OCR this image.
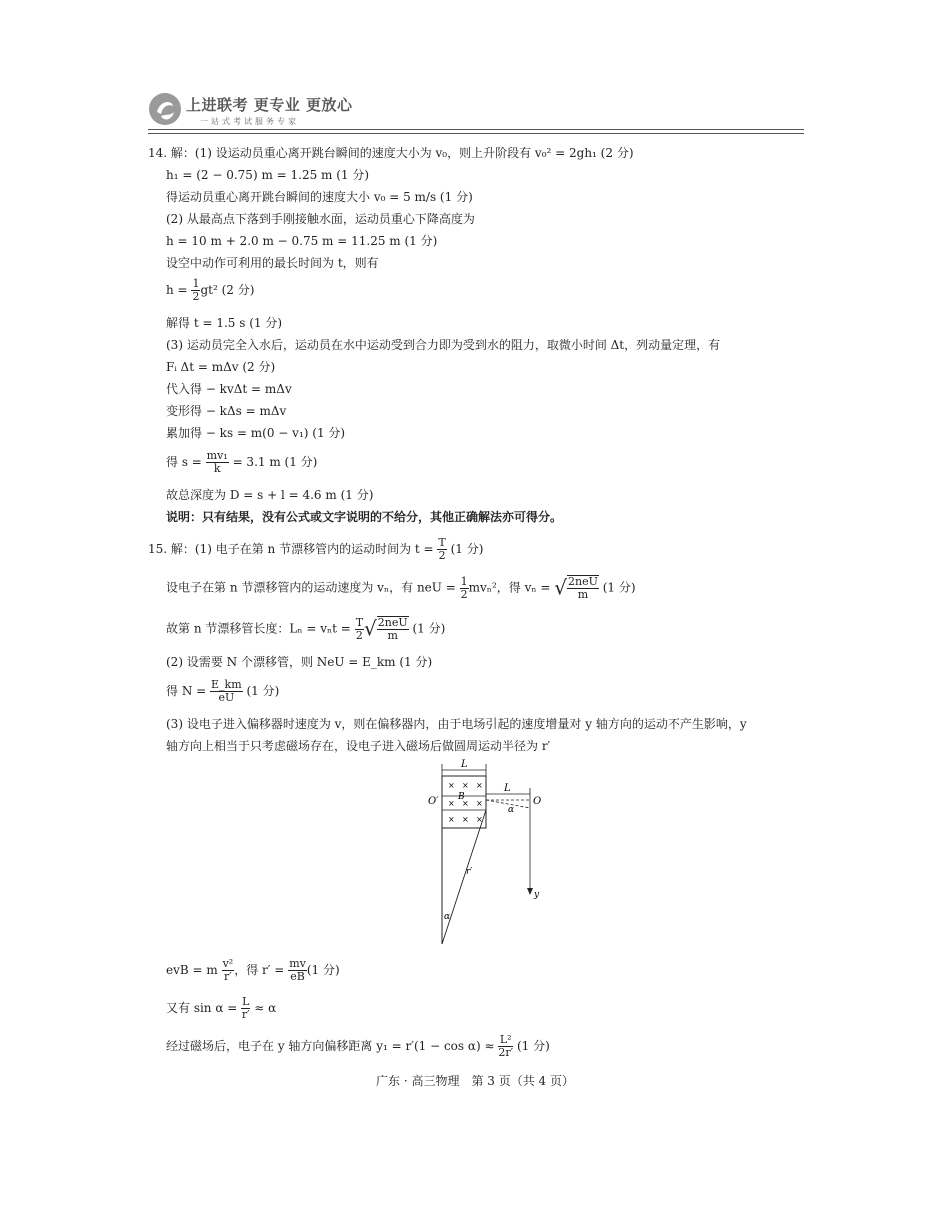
上进联考 更专业 更放心
一站式考试服务专家
14. 解：(1) 设运动员重心离开跳台瞬间的速度大小为 v₀，则上升阶段有 v₀² = 2gh₁ (2 分)
h₁ = (2 − 0.75) m = 1.25 m (1 分)
得运动员重心离开跳台瞬间的速度大小 v₀ = 5 m/s (1 分)
(2) 从最高点下落到手刚接触水面，运动员重心下降高度为
h = 10 m + 2.0 m − 0.75 m = 11.25 m (1 分)
设空中动作可利用的最长时间为 t，则有
$h = \frac{1}{2} gt^2$ (2 分)
解得 t = 1.5 s (1 分)
(3) 运动员完全入水后，运动员在水中运动受到合力即为受到水的阻力，取微小时间 Δt，列动量定理，有
Fᵢ Δt = mΔv (2 分)
代入得 − kvΔt = mΔv
变形得 − kΔs = mΔv
累加得 − ks = m(0 − v₁) (1 分)
得 $s = \frac{\text{mv₁}}{k} = 3.1$ m (1 分)
故总深度为 D = s + l = 4.6 m (1 分)
说明：只有结果，没有公式或文字说明的不给分，其他正确解法亦可得分。
15. 解：(1) 电子在第 n 节漂移管内的运动时间为 $t = \frac{T}{2} (1$ 分)
设电子在第 n 节漂移管内的运动速度为 vₙ，有 neU = $\frac{1}{2} mv_n^2$，得 vₙ = √ $\frac{\text{2neU}}{m} (1$ 分)
故第 n 节漂移管长度：$L_n = v_nt = \frac{T}{2}$ √ $\frac{\text{2neU}}{m} (1$ 分)
(2) 设需要 N 个漂移管，则 NeU = E_km (1 分)
得 $N = \frac{E\_km}{eU} (1$ 分)
(3) 设电子进入偏移器时速度为 v，则在偏移器内，由于电场引起的速度增量对 y 轴方向的运动不产生影响，y
轴方向上相当于只考虑磁场存在，设电子进入磁场后做圆周运动半径为 r′
L
× × ×
× × ×
× × ×
B
O′	O
L
α
y
r′
α
evB = m $\frac{\text{v²}}{r'}$ ，得 $r' = \frac{mv}{eB} (1$ 分)
又有 $\sin \alpha = \frac{L}{r'} \approx \alpha$
经过磁场后，电子在 y 轴方向偏移距离 $y_1 = r'(1 - \cos \alpha) \approx \frac{\text{L²}}{2r'} (1$ 分)
广东 · 高三物理　第 3 页（共 4 页）
